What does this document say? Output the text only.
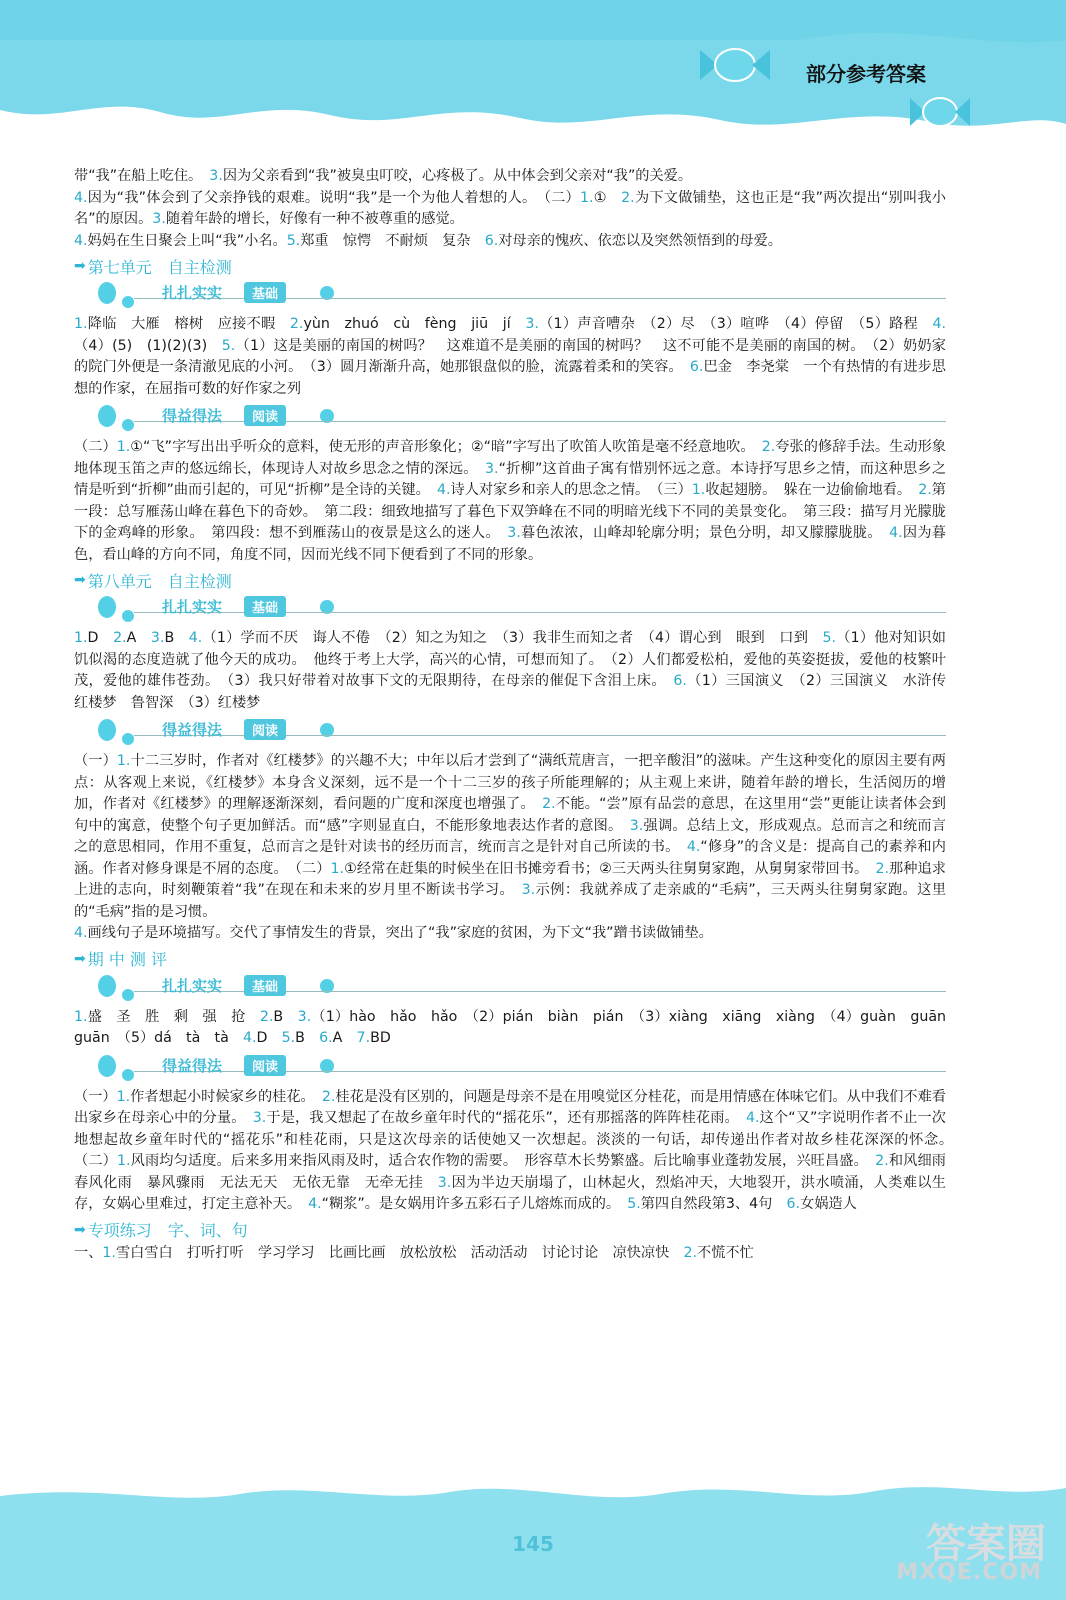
部分参考答案

带“我”在船上吃住。　3.因为父亲看到“我”被臭虫叮咬，心疼极了。从中体会到父亲对“我”的关爱。

4.因为“我”体会到了父亲挣钱的艰难。说明“我”是一个为他人着想的人。　（二）1.①　2.为下文做铺垫，这也正是“我”两次提出“别叫我小名”的原因。3.随着年龄的增长，好像有一种不被尊重的感觉。

4.妈妈在生日聚会上叫“我”小名。5.郑重　惊愕　不耐烦　复杂　6.对母亲的愧疚、依恋以及突然领悟到的母爱。

➡ 第七单元　自主检测
扎扎实实	基础

1.降临　大雁　榕树　应接不暇　2.yùn　zhuó　cù　fèng　jiū　jí　3.（1）声音嘈杂　（2）尽　（3）喧哗　（4）停留　（5）路程　4.（4）(5)　(1)(2)(3)　5.（1）这是美丽的南国的树吗？　这难道不是美丽的南国的树吗？　这不可能不是美丽的南国的树。　（2）奶奶家的院门外便是一条清澈见底的小河。　（3）圆月渐渐升高，她那银盘似的脸，流露着柔和的笑容。　6.巴金　李尧棠　一个有热情的有进步思想的作家，在屈指可数的好作家之列

得益得法	阅读

（二）1.①“飞”字写出出乎听众的意料，使无形的声音形象化；②“暗”字写出了吹笛人吹笛是毫不经意地吹。　2.夸张的修辞手法。生动形象地体现玉笛之声的悠远绵长，体现诗人对故乡思念之情的深远。　3.“折柳”这首曲子寓有惜别怀远之意。本诗抒写思乡之情，而这种思乡之情是听到“折柳”曲而引起的，可见“折柳”是全诗的关键。　4.诗人对家乡和亲人的思念之情。　（三）1.收起翅膀。　躲在一边偷偷地看。　2.第一段：总写雁荡山峰在暮色下的奇妙。　第二段：细致地描写了暮色下双笋峰在不同的明暗光线下不同的美景变化。　第三段：描写月光朦胧下的金鸡峰的形象。　第四段：想不到雁荡山的夜景是这么的迷人。　3.暮色浓浓，山峰却轮廓分明；景色分明，却又朦朦胧胧。　4.因为暮色，看山峰的方向不同，角度不同，因而光线不同下便看到了不同的形象。

➡ 第八单元　自主检测
扎扎实实	基础

1.D　2.A　3.B　4.（1）学而不厌　诲人不倦　（2）知之为知之　（3）我非生而知之者　（4）谓心到　眼到　口到　5.（1）他对知识如饥似渴的态度造就了他今天的成功。　他终于考上大学，高兴的心情，可想而知了。　（2）人们都爱松柏，爱他的英姿挺拔，爱他的枝繁叶茂，爱他的雄伟苍劲。　（3）我只好带着对故事下文的无限期待，在母亲的催促下含泪上床。　6.（1）三国演义　（2）三国演义　水浒传　红楼梦　鲁智深　（3）红楼梦

得益得法	阅读

（一）1.十二三岁时，作者对《红楼梦》的兴趣不大；中年以后才尝到了“满纸荒唐言，一把辛酸泪”的滋味。产生这种变化的原因主要有两点：从客观上来说，《红楼梦》本身含义深刻，远不是一个十二三岁的孩子所能理解的；从主观上来讲，随着年龄的增长，生活阅历的增加，作者对《红楼梦》的理解逐渐深刻，看问题的广度和深度也增强了。　2.不能。“尝”原有品尝的意思，在这里用“尝”更能让读者体会到句中的寓意，使整个句子更加鲜活。而“感”字则显直白，不能形象地表达作者的意图。　3.强调。总结上文，形成观点。总而言之和统而言之的意思相同，作用不重复，总而言之是针对读书的经历而言，统而言之是针对自己所读的书。　4.“修身”的含义是：提高自己的素养和内涵。作者对修身课是不屑的态度。　（二）1.①经常在赶集的时候坐在旧书摊旁看书；②三天两头往舅舅家跑，从舅舅家带回书。　2.那种追求上进的志向，时刻鞭策着“我”在现在和未来的岁月里不断读书学习。　3.示例：我就养成了走亲戚的“毛病”，三天两头往舅舅家跑。这里的“毛病”指的是习惯。

4.画线句子是环境描写。交代了事情发生的背景，突出了“我”家庭的贫困，为下文“我”蹭书读做铺垫。

➡ 期 中 测 评
扎扎实实	基础

1.盛　圣　胜　剩　强　抢　2.B　3.（1）hào　hǎo　hǎo　（2）pián　biàn　pián　（3）xiàng　xiāng　xiàng　（4）guàn　guān　guān　（5）dá　tà　tà　4.D　5.B　6.A　7.BD

得益得法	阅读

（一）1.作者想起小时候家乡的桂花。　2.桂花是没有区别的，问题是母亲不是在用嗅觉区分桂花，而是用情感在体味它们。从中我们不难看出家乡在母亲心中的分量。　3.于是，我又想起了在故乡童年时代的“摇花乐”，还有那摇落的阵阵桂花雨。　4.这个“又”字说明作者不止一次地想起故乡童年时代的“摇花乐”和桂花雨，只是这次母亲的话使她又一次想起。淡淡的一句话，却传递出作者对故乡桂花深深的怀念。　（二）1.风雨均匀适度。后来多用来指风雨及时，适合农作物的需要。　形容草木长势繁盛。后比喻事业蓬勃发展，兴旺昌盛。　2.和风细雨　春风化雨　暴风骤雨　无法无天　无依无靠　无牵无挂　3.因为半边天崩塌了，山林起火，烈焰冲天，大地裂开，洪水喷涌，人类难以生存，女娲心里难过，打定主意补天。　4.“糊浆”。是女娲用许多五彩石子儿熔炼而成的。　5.第四自然段第3、4句　6.女娲造人

➡ 专项练习　字、词、句

一、1.雪白雪白　打听打听　学习学习　比画比画　放松放松　活动活动　讨论讨论　凉快凉快　2.不慌不忙

145	答案圈
MXQE.COM
